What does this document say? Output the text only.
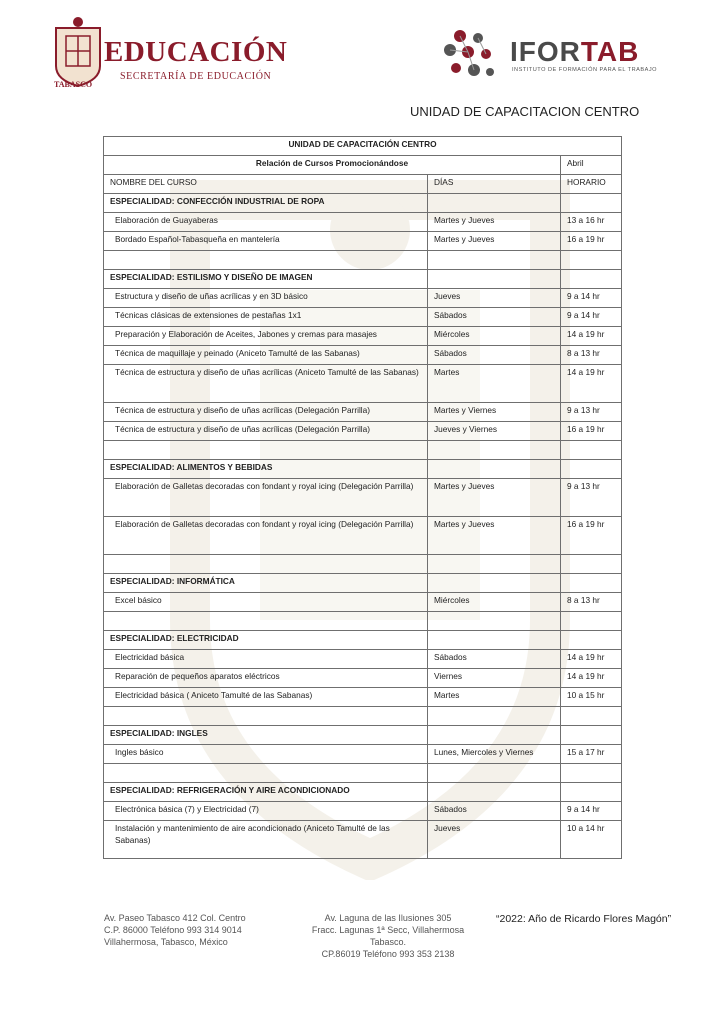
TABASCO
EDUCACIÓN
SECRETARÍA DE EDUCACIÓN
IFORTAB
INSTITUTO DE FORMACIÓN PARA EL TRABAJO
UNIDAD DE CAPACITACION CENTRO
UNIDAD DE CAPACITACIÓN CENTRO		
Relación de Cursos Promocionándose		Abril
NOMBRE DEL CURSO	DÍAS	HORARIO
ESPECIALIDAD: CONFECCIÓN INDUSTRIAL DE ROPA		
Elaboración de Guayaberas	Martes y Jueves	13 a 16 hr
Bordado Español-Tabasqueña en mantelería	Martes y Jueves	16 a 19 hr

ESPECIALIDAD: ESTILISMO Y DISEÑO DE IMAGEN		
Estructura y diseño de uñas acrílicas y en 3D básico	Jueves	9 a 14 hr
Técnicas clásicas de extensiones de pestañas 1x1	Sábados	9 a 14 hr
Preparación y Elaboración de Aceites, Jabones y cremas para masajes	Miércoles	14 a 19 hr
Técnica de maquillaje y peinado (Aniceto Tamulté de las Sabanas)	Sábados	8 a 13 hr
Técnica de estructura y diseño de uñas acrílicas (Aniceto Tamulté de las Sabanas)	Martes	14 a 19 hr
Técnica de estructura y diseño de uñas acrílicas (Delegación Parrilla)	Martes y Viernes	9 a 13 hr
Técnica de estructura y diseño de uñas acrílicas (Delegación Parrilla)	Jueves y Viernes	16 a 19 hr

ESPECIALIDAD: ALIMENTOS Y BEBIDAS		
Elaboración de Galletas decoradas con fondant y royal icing (Delegación Parrilla)	Martes y Jueves	9 a 13 hr
Elaboración de Galletas decoradas con fondant y royal icing (Delegación Parrilla)	Martes y Jueves	16 a 19 hr

ESPECIALIDAD: INFORMÁTICA		
Excel básico	Miércoles	8 a 13 hr

ESPECIALIDAD: ELECTRICIDAD		
Electricidad básica	Sábados	14 a 19 hr
Reparación de pequeños aparatos eléctricos	Viernes	14 a 19 hr
Electricidad básica ( Aniceto Tamulté de las Sabanas)	Martes	10 a 15 hr

ESPECIALIDAD: INGLES		
Ingles básico	Lunes, Miercoles y Viernes	15 a 17 hr

ESPECIALIDAD: REFRIGERACIÓN Y AIRE ACONDICIONADO		
Electrónica básica (7) y Electricidad (7)	Sábados	9 a 14 hr
Instalación y mantenimiento de aire acondicionado (Aniceto Tamulté de las Sabanas)	Jueves	10 a 14 hr
Av. Paseo Tabasco 412 Col. Centro
C.P. 86000 Teléfono 993 314 9014
Villahermosa, Tabasco, México
Av. Laguna de las Ilusiones 305
Fracc. Lagunas 1ª Secc, Villahermosa Tabasco.
CP.86019 Teléfono 993 353 2138
“2022: Año de Ricardo Flores Magón”
